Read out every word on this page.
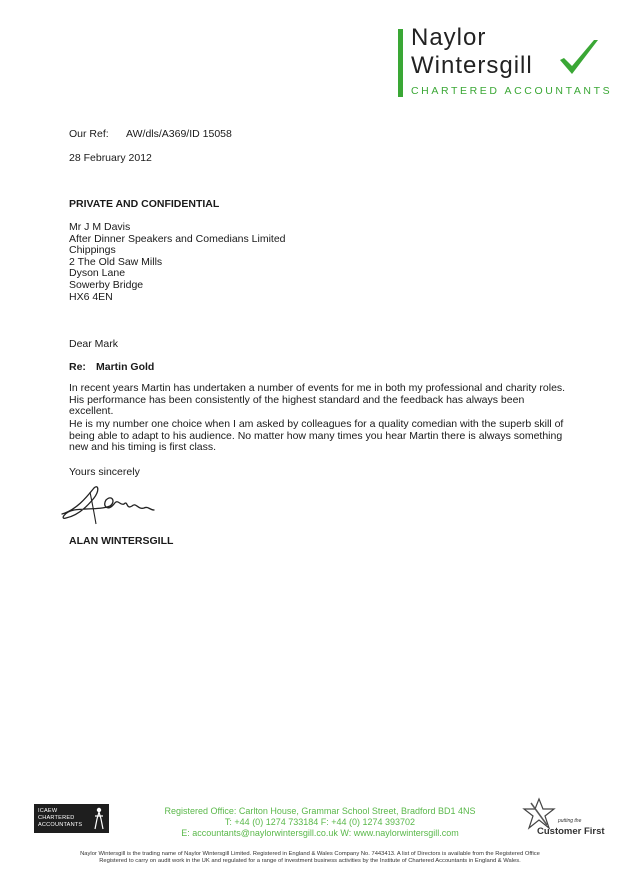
Naylor
Wintersgill
CHARTERED ACCOUNTANTS
Our Ref: AW/dls/A369/ID 15058
28 February 2012
PRIVATE AND CONFIDENTIAL
Mr J M Davis
After Dinner Speakers and Comedians Limited
Chippings
2 The Old Saw Mills
Dyson Lane
Sowerby Bridge
HX6 4EN
Dear Mark
Re: Martin Gold
In recent years Martin has undertaken a number of events for me in both my professional and charity roles. His performance has been consistently of the highest standard and the feedback has always been excellent.
He is my number one choice when I am asked by colleagues for a quality comedian with the superb skill of being able to adapt to his audience. No matter how many times you hear Martin there is always something new and his timing is first class.
Yours sincerely
ALAN WINTERSGILL
ICAEW
CHARTERED
ACCOUNTANTS
Registered Office: Carlton House, Grammar School Street, Bradford BD1 4NS
T: +44 (0) 1274 733184 F: +44 (0) 1274 393702
E: accountants@naylorwintersgill.co.uk W: www.naylorwintersgill.com
putting the
Customer First
Naylor Wintersgill is the trading name of Naylor Wintersgill Limited. Registered in England & Wales Company No. 7443413. A list of Directors is available from the Registered Office
Registered to carry on audit work in the UK and regulated for a range of investment business activities by the Institute of Chartered Accountants in England & Wales.
